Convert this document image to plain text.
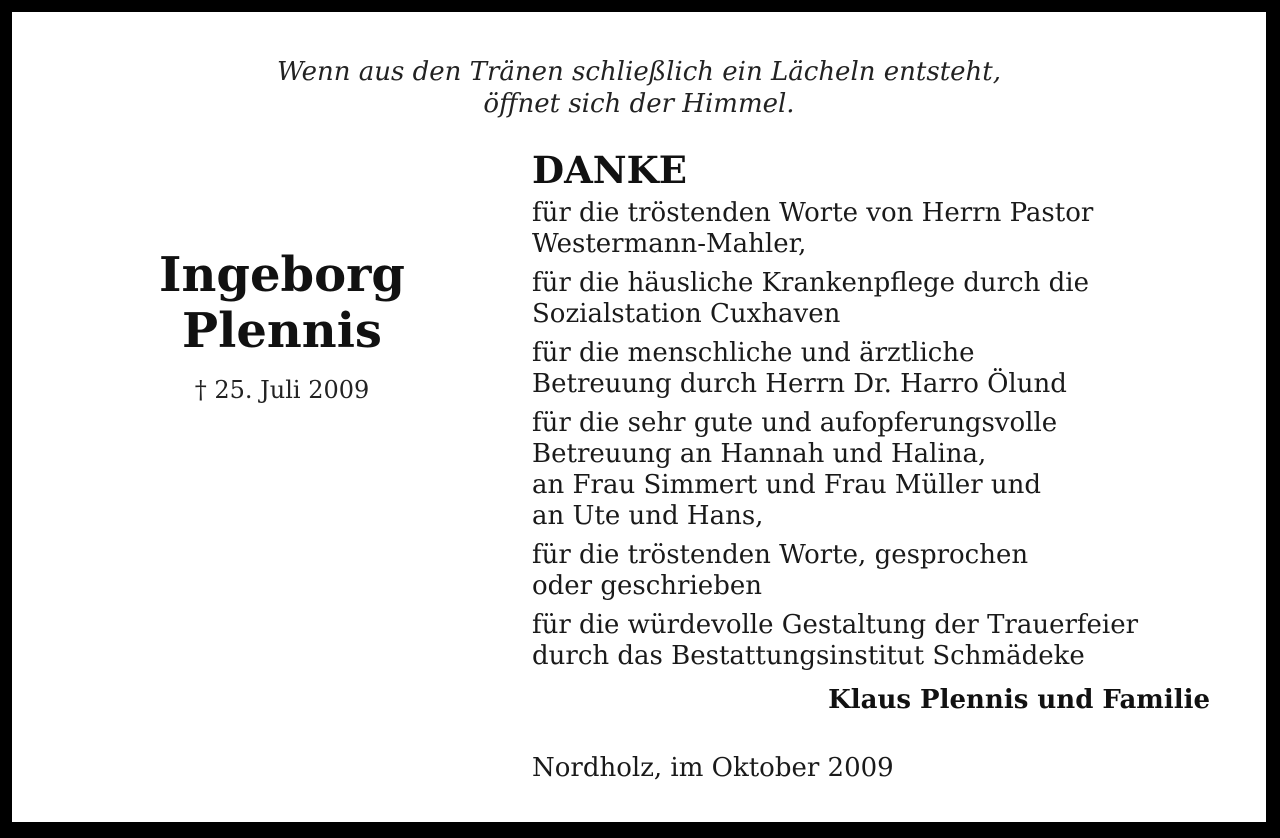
Wenn aus den Tränen schließlich ein Lächeln entsteht,
öffnet sich der Himmel.
Ingeborg
Plennis
† 25. Juli 2009
DANKE
für die tröstenden Worte von Herrn Pastor
Westermann-Mahler,
für die häusliche Krankenpflege durch die
Sozialstation Cuxhaven
für die menschliche und ärztliche
Betreuung durch Herrn Dr. Harro Ölund
für die sehr gute und aufopferungsvolle
Betreuung an Hannah und Halina,
an Frau Simmert und Frau Müller und
an Ute und Hans,
für die tröstenden Worte, gesprochen
oder geschrieben
für die würdevolle Gestaltung der Trauerfeier
durch das Bestattungsinstitut Schmädeke
Klaus Plennis und Familie
Nordholz, im Oktober 2009
